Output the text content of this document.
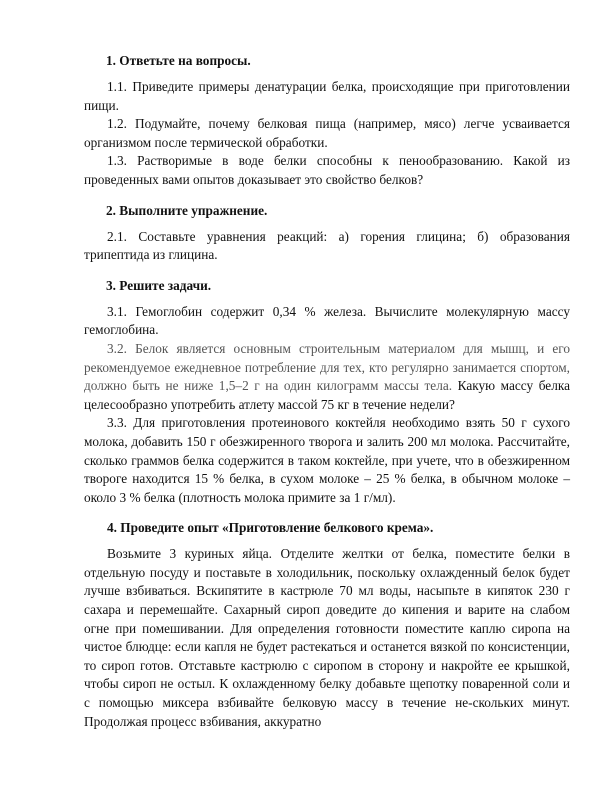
1. Ответьте на вопросы.

1.1. Приведите примеры денатурации белка, происходящие при приготовлении пищи.

1.2. Подумайте, почему белковая пища (например, мясо) легче усваивается организмом после термической обработки.

1.3. Растворимые в воде белки способны к пенообразованию. Какой из проведенных вами опытов доказывает это свойство белков?

2. Выполните упражнение.

2.1. Составьте уравнения реакций: а) горения глицина; б) образования трипептида из глицина.

3. Решите задачи.

3.1. Гемоглобин содержит 0,34 % железа. Вычислите молекулярную массу гемоглобина.

3.2. Белок является основным строительным материалом для мышц, и его рекомендуемое ежедневное потребление для тех, кто регулярно занимается спортом, должно быть не ниже 1,5–2 г на один килограмм массы тела. Какую массу белка целесообразно употребить атлету массой 75 кг в течение недели?

3.3. Для приготовления протеинового коктейля необходимо взять 50 г сухого молока, добавить 150 г обезжиренного творога и залить 200 мл молока. Рассчитайте, сколько граммов белка содержится в таком коктейле, при учете, что в обезжиренном твороге находится 15 % белка, в сухом молоке – 25 % белка, в обычном молоке – около 3 % белка (плотность молока примите за 1 г/мл).

4. Проведите опыт «Приготовление белкового крема».

Возьмите 3 куриных яйца. Отделите желтки от белка, поместите белки в отдельную посуду и поставьте в холодильник, поскольку охлажденный белок будет лучше взбиваться. Вскипятите в кастрюле 70 мл воды, насыпьте в кипяток 230 г сахара и перемешайте. Сахарный сироп доведите до кипения и варите на слабом огне при помешивании. Для определения готовности поместите каплю сиропа на чистое блюдце: если капля не будет растекаться и останется вязкой по консистенции, то сироп готов. Отставьте кастрюлю с сиропом в сторону и накройте ее крышкой, чтобы сироп не остыл. К охлажденному белку добавьте щепотку поваренной соли и с помощью миксера взбивайте белковую массу в течение не-скольких минут. Продолжая процесс взбивания, аккуратно
